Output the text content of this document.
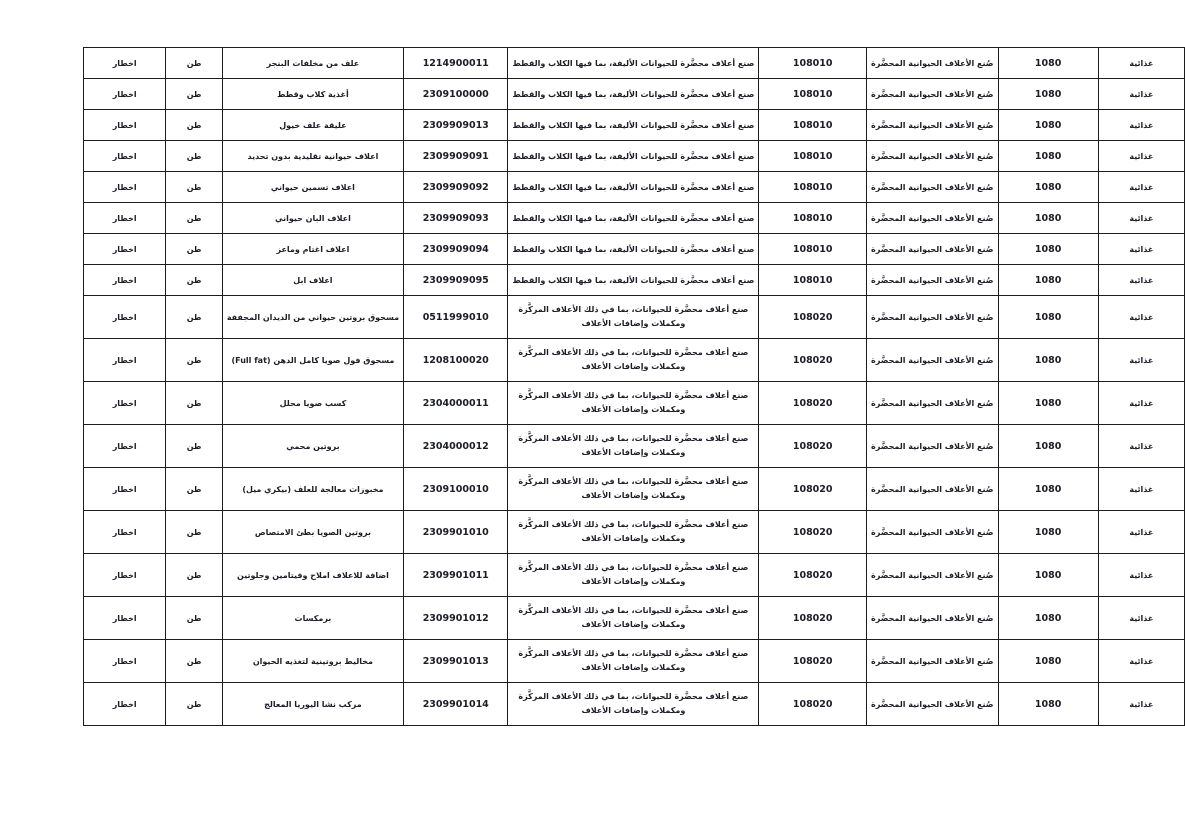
غذائية	1080	صُنع الأعلاف الحيوانية المحضَّرة	108010	صنع أعلاف محضَّرة للحيوانات الأليفة، بما فيها الكلاب والقطط	1214900011	علف من مخلفات البنجر	طن	اخطار
غذائية	1080	صُنع الأعلاف الحيوانية المحضَّرة	108010	صنع أعلاف محضَّرة للحيوانات الأليفة، بما فيها الكلاب والقطط	2309100000	أغذية كلاب وقطط	طن	اخطار
غذائية	1080	صُنع الأعلاف الحيوانية المحضَّرة	108010	صنع أعلاف محضَّرة للحيوانات الأليفة، بما فيها الكلاب والقطط	2309909013	عليقة علف خيول	طن	اخطار
غذائية	1080	صُنع الأعلاف الحيوانية المحضَّرة	108010	صنع أعلاف محضَّرة للحيوانات الأليفة، بما فيها الكلاب والقطط	2309909091	اعلاف حيوانية تقليدية بدون تحديد	طن	اخطار
غذائية	1080	صُنع الأعلاف الحيوانية المحضَّرة	108010	صنع أعلاف محضَّرة للحيوانات الأليفة، بما فيها الكلاب والقطط	2309909092	اعلاف تسمين حيواني	طن	اخطار
غذائية	1080	صُنع الأعلاف الحيوانية المحضَّرة	108010	صنع أعلاف محضَّرة للحيوانات الأليفة، بما فيها الكلاب والقطط	2309909093	اعلاف البان حيواني	طن	اخطار
غذائية	1080	صُنع الأعلاف الحيوانية المحضَّرة	108010	صنع أعلاف محضَّرة للحيوانات الأليفة، بما فيها الكلاب والقطط	2309909094	اعلاف اغتام وماعز	طن	اخطار
غذائية	1080	صُنع الأعلاف الحيوانية المحضَّرة	108010	صنع أعلاف محضَّرة للحيوانات الأليفة، بما فيها الكلاب والقطط	2309909095	اعلاف ابل	طن	اخطار
غذائية	1080	صُنع الأعلاف الحيوانية المحضَّرة	108020	صنع أعلاف محضَّرة للحيوانات، بما في ذلك الأعلاف المركَّزة ومكملات وإضافات الأعلاف	0511999010	مسحوق بروتين حيواني من الديدان المجففة	طن	اخطار
غذائية	1080	صُنع الأعلاف الحيوانية المحضَّرة	108020	صنع أعلاف محضَّرة للحيوانات، بما في ذلك الأعلاف المركَّزة ومكملات وإضافات الأعلاف	1208100020	مسحوق فول صويا كامل الدهن (Full fat)	طن	اخطار
غذائية	1080	صُنع الأعلاف الحيوانية المحضَّرة	108020	صنع أعلاف محضَّرة للحيوانات، بما في ذلك الأعلاف المركَّزة ومكملات وإضافات الأعلاف	2304000011	كسب صويا محلل	طن	اخطار
غذائية	1080	صُنع الأعلاف الحيوانية المحضَّرة	108020	صنع أعلاف محضَّرة للحيوانات، بما في ذلك الأعلاف المركَّزة ومكملات وإضافات الأعلاف	2304000012	بروتين محمي	طن	اخطار
غذائية	1080	صُنع الأعلاف الحيوانية المحضَّرة	108020	صنع أعلاف محضَّرة للحيوانات، بما في ذلك الأعلاف المركَّزة ومكملات وإضافات الأعلاف	2309100010	مخبوزات معالجة للعلف (بيكري ميل)	طن	اخطار
غذائية	1080	صُنع الأعلاف الحيوانية المحضَّرة	108020	صنع أعلاف محضَّرة للحيوانات، بما في ذلك الأعلاف المركَّزة ومكملات وإضافات الأعلاف	2309901010	بروتين الصويا بطئ الامتصاص	طن	اخطار
غذائية	1080	صُنع الأعلاف الحيوانية المحضَّرة	108020	صنع أعلاف محضَّرة للحيوانات، بما في ذلك الأعلاف المركَّزة ومكملات وإضافات الأعلاف	2309901011	اضافة للاعلاف املاح وفيتامين وجلوتين	طن	اخطار
غذائية	1080	صُنع الأعلاف الحيوانية المحضَّرة	108020	صنع أعلاف محضَّرة للحيوانات، بما في ذلك الأعلاف المركَّزة ومكملات وإضافات الأعلاف	2309901012	برمكسات	طن	اخطار
غذائية	1080	صُنع الأعلاف الحيوانية المحضَّرة	108020	صنع أعلاف محضَّرة للحيوانات، بما في ذلك الأعلاف المركَّزة ومكملات وإضافات الأعلاف	2309901013	مخاليط بروتينية لتغذيه الحيوان	طن	اخطار
غذائية	1080	صُنع الأعلاف الحيوانية المحضَّرة	108020	صنع أعلاف محضَّرة للحيوانات، بما في ذلك الأعلاف المركَّزة ومكملات وإضافات الأعلاف	2309901014	مركب نشا اليوريا المعالج	طن	اخطار
